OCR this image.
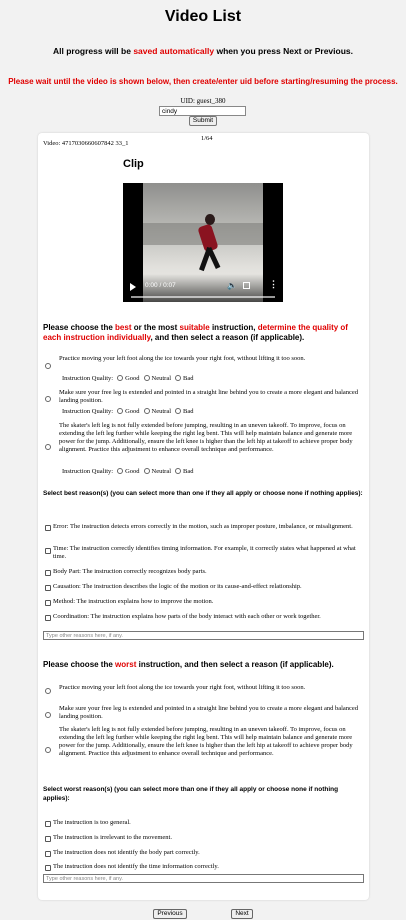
Video List
All progress will be saved automatically when you press Next or Previous.
Please wait until the video is shown below, then create/enter uid before starting/resuming the process.
UID: guest_380
cindy
Submit
Video: 4717030660607842 33_1
1/64
Clip
0:00 / 0:07	🔈	⋮
Please choose the best or the most suitable instruction, determine the quality of each instruction individually, and then select a reason (if applicable).
Practice moving your left foot along the ice towards your right foot, without lifting it too soon.
Instruction Quality: Good Neutral Bad
Make sure your free leg is extended and pointed in a straight line behind you to create a more elegant and balanced landing position.
Instruction Quality: Good Neutral Bad
The skater's left leg is not fully extended before jumping, resulting in an uneven takeoff. To improve, focus on extending the left leg further while keeping the right leg bent. This will help maintain balance and generate more power for the jump. Additionally, ensure the left knee is higher than the left hip at takeoff to achieve proper body alignment. Practice this adjustment to enhance overall technique and performance.
Instruction Quality: Good Neutral Bad
Select best reason(s) (you can select more than one if they all apply or choose none if nothing applies):
Error: The instruction detects errors correctly in the motion, such as improper posture, imbalance, or misalignment.
Time: The instruction correctly identifies timing information. For example, it correctly states what happened at what time.
Body Part: The instruction correctly recognizes body parts.
Causation: The instruction describes the logic of the motion or its cause-and-effect relationship.
Method: The instruction explains how to improve the motion.
Coordination: The instruction explains how parts of the body interact with each other or work together.
Type other reasons here, if any.
Please choose the worst instruction, and then select a reason (if applicable).
Practice moving your left foot along the ice towards your right foot, without lifting it too soon.
Make sure your free leg is extended and pointed in a straight line behind you to create a more elegant and balanced landing position.
The skater's left leg is not fully extended before jumping, resulting in an uneven takeoff. To improve, focus on extending the left leg further while keeping the right leg bent. This will help maintain balance and generate more power for the jump. Additionally, ensure the left knee is higher than the left hip at takeoff to achieve proper body alignment. Practice this adjustment to enhance overall technique and performance.
Select worst reason(s) (you can select more than one if they all apply or choose none if nothing applies):
The instruction is too general.
The instruction is irrelevant to the movement.
The instruction does not identify the body part correctly.
The instruction does not identify the time information correctly.
Type other reasons here, if any.
Previous	Next
